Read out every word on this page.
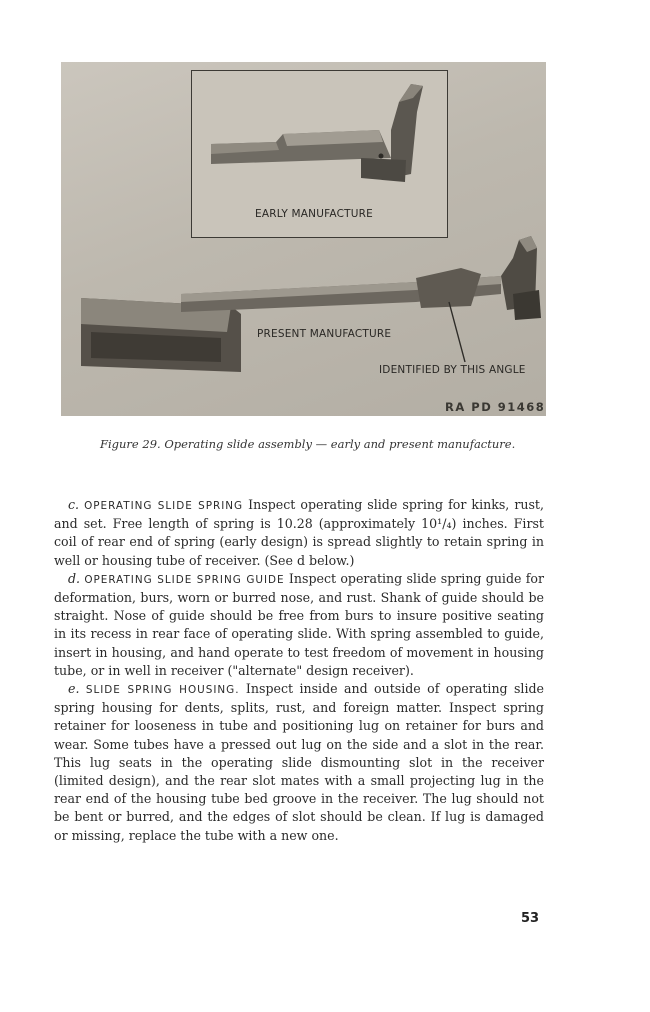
EARLY MANUFACTURE
PRESENT MANUFACTURE
IDENTIFIED BY THIS ANGLE
RA PD 91468
Figure 29. Operating slide assembly — early and present manufacture.

c. OPERATING SLIDE SPRING Inspect operating slide spring for kinks, rust, and set. Free length of spring is 10.28 (approximately 10¹/₄) inches. First coil of rear end of spring (early design) is spread slightly to retain spring in well or housing tube of receiver. (See d below.)

d. OPERATING SLIDE SPRING GUIDE Inspect operating slide spring guide for deformation, burs, worn or burred nose, and rust. Shank of guide should be straight. Nose of guide should be free from burs to insure positive seating in its recess in rear face of operating slide. With spring assembled to guide, insert in housing, and hand operate to test freedom of movement in housing tube, or in well in receiver ("alternate" design receiver).

e. SLIDE SPRING HOUSING. Inspect inside and outside of operating slide spring housing for dents, splits, rust, and foreign matter. Inspect spring retainer for looseness in tube and positioning lug on retainer for burs and wear. Some tubes have a pressed out lug on the side and a slot in the rear. This lug seats in the operating slide dismounting slot in the receiver (limited design), and the rear slot mates with a small projecting lug in the rear end of the housing tube bed groove in the receiver. The lug should not be bent or burred, and the edges of slot should be clean. If lug is damaged or missing, replace the tube with a new one.

53
